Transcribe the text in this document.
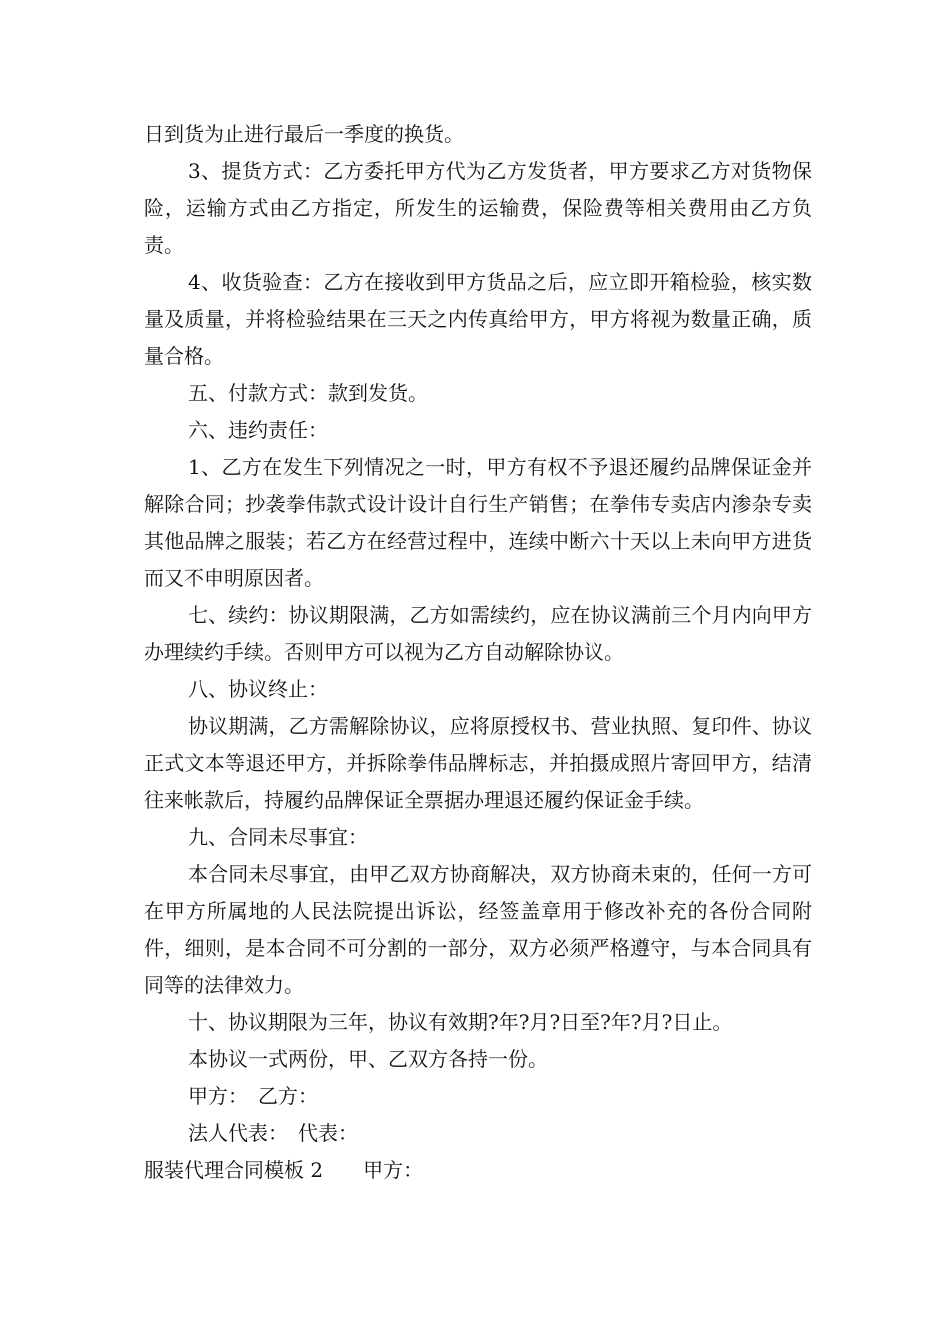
日到货为止进行最后一季度的换货。

3、提货方式：乙方委托甲方代为乙方发货者，甲方要求乙方对货物保险，运输方式由乙方指定，所发生的运输费，保险费等相关费用由乙方负责。

4、收货验查：乙方在接收到甲方货品之后，应立即开箱检验，核实数量及质量，并将检验结果在三天之内传真给甲方，甲方将视为数量正确，质量合格。

五、付款方式：款到发货。

六、违约责任：

1、乙方在发生下列情况之一时，甲方有权不予退还履约品牌保证金并解除合同；抄袭拳伟款式设计设计自行生产销售；在拳伟专卖店内渗杂专卖其他品牌之服装；若乙方在经营过程中，连续中断六十天以上未向甲方进货而又不申明原因者。

七、续约：协议期限满，乙方如需续约，应在协议满前三个月内向甲方办理续约手续。否则甲方可以视为乙方自动解除协议。

八、协议终止：

协议期满，乙方需解除协议，应将原授权书、营业执照、复印件、协议正式文本等退还甲方，并拆除拳伟品牌标志，并拍摄成照片寄回甲方，结清往来帐款后，持履约品牌保证全票据办理退还履约保证金手续。

九、合同未尽事宜：

本合同未尽事宜，由甲乙双方协商解决，双方协商未束的，任何一方可在甲方所属地的人民法院提出诉讼，经签盖章用于修改补充的各份合同附件，细则，是本合同不可分割的一部分，双方必须严格遵守，与本合同具有同等的法律效力。

十、协议期限为三年，协议有效期?年?月?日至?年?月?日止。

本协议一式两份，甲、乙双方各持一份。

甲方：　乙方：

法人代表：　代表：

服装代理合同模板 2 甲方：
